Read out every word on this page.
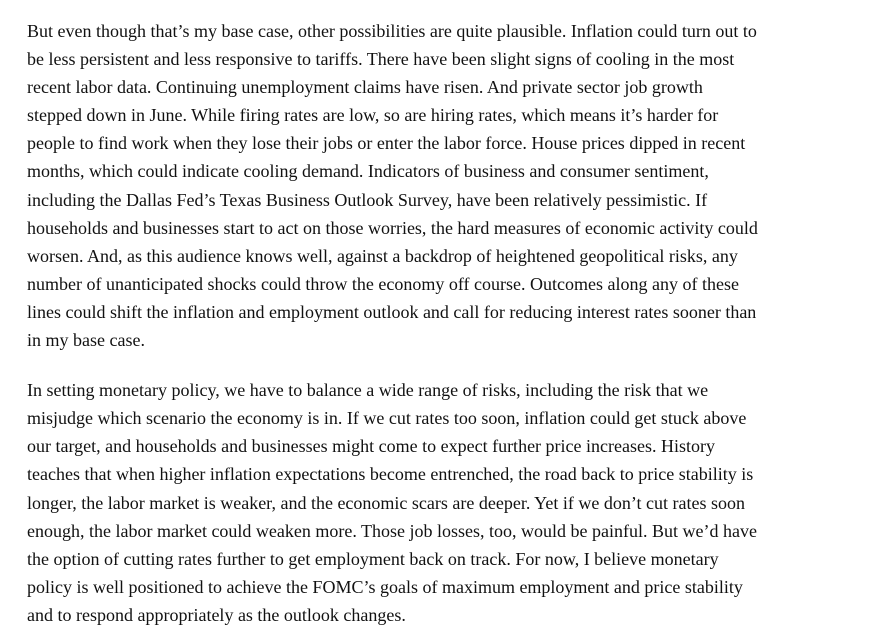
But even though that’s my base case, other possibilities are quite plausible. Inflation could turn out to
be less persistent and less responsive to tariffs. There have been slight signs of cooling in the most
recent labor data. Continuing unemployment claims have risen. And private sector job growth
stepped down in June. While firing rates are low, so are hiring rates, which means it’s harder for
people to find work when they lose their jobs or enter the labor force. House prices dipped in recent
months, which could indicate cooling demand. Indicators of business and consumer sentiment,
including the Dallas Fed’s Texas Business Outlook Survey, have been relatively pessimistic. If
households and businesses start to act on those worries, the hard measures of economic activity could
worsen. And, as this audience knows well, against a backdrop of heightened geopolitical risks, any
number of unanticipated shocks could throw the economy off course. Outcomes along any of these
lines could shift the inflation and employment outlook and call for reducing interest rates sooner than
in my base case.

In setting monetary policy, we have to balance a wide range of risks, including the risk that we
misjudge which scenario the economy is in. If we cut rates too soon, inflation could get stuck above
our target, and households and businesses might come to expect further price increases. History
teaches that when higher inflation expectations become entrenched, the road back to price stability is
longer, the labor market is weaker, and the economic scars are deeper. Yet if we don’t cut rates soon
enough, the labor market could weaken more. Those job losses, too, would be painful. But we’d have
the option of cutting rates further to get employment back on track. For now, I believe monetary
policy is well positioned to achieve the FOMC’s goals of maximum employment and price stability
and to respond appropriately as the outlook changes.
